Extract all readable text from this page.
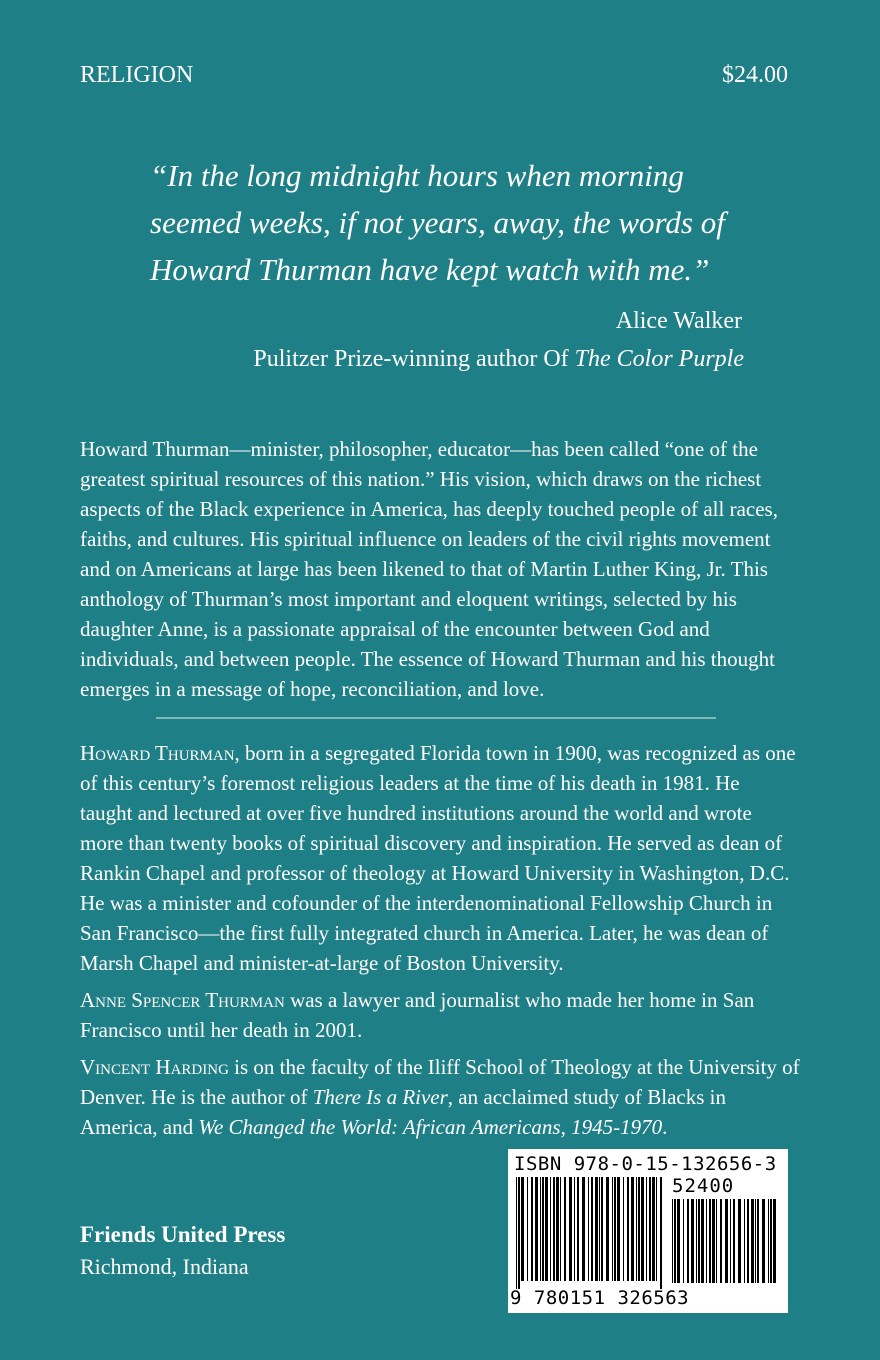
RELIGION	$24.00
“In the long midnight hours when morning
seemed weeks, if not years, away, the words of
Howard Thurman have kept watch with me.”
Alice Walker
Pulitzer Prize-winning author Of The Color Purple
Howard Thurman—minister, philosopher, educator—has been called “one of the
greatest spiritual resources of this nation.” His vision, which draws on the richest
aspects of the Black experience in America, has deeply touched people of all races,
faiths, and cultures. His spiritual influence on leaders of the civil rights movement
and on Americans at large has been likened to that of Martin Luther King, Jr. This
anthology of Thurman’s most important and eloquent writings, selected by his
daughter Anne, is a passionate appraisal of the encounter between God and
individuals, and between people. The essence of Howard Thurman and his thought
emerges in a message of hope, reconciliation, and love.
Howard Thurman, born in a segregated Florida town in 1900, was recognized as one
of this century’s foremost religious leaders at the time of his death in 1981. He
taught and lectured at over five hundred institutions around the world and wrote
more than twenty books of spiritual discovery and inspiration. He served as dean of
Rankin Chapel and professor of theology at Howard University in Washington, D.C.
He was a minister and cofounder of the interdenominational Fellowship Church in
San Francisco—the first fully integrated church in America. Later, he was dean of
Marsh Chapel and minister-at-large of Boston University.
Anne Spencer Thurman was a lawyer and journalist who made her home in San
Francisco until her death in 2001.
Vincent Harding is on the faculty of the Iliff School of Theology at the University of
Denver. He is the author of There Is a River, an acclaimed study of Blacks in
America, and We Changed the World: African Americans, 1945-1970.
Friends United Press
Richmond, Indiana
ISBN 978-0-15-132656-3
52400
9 780151 326563
